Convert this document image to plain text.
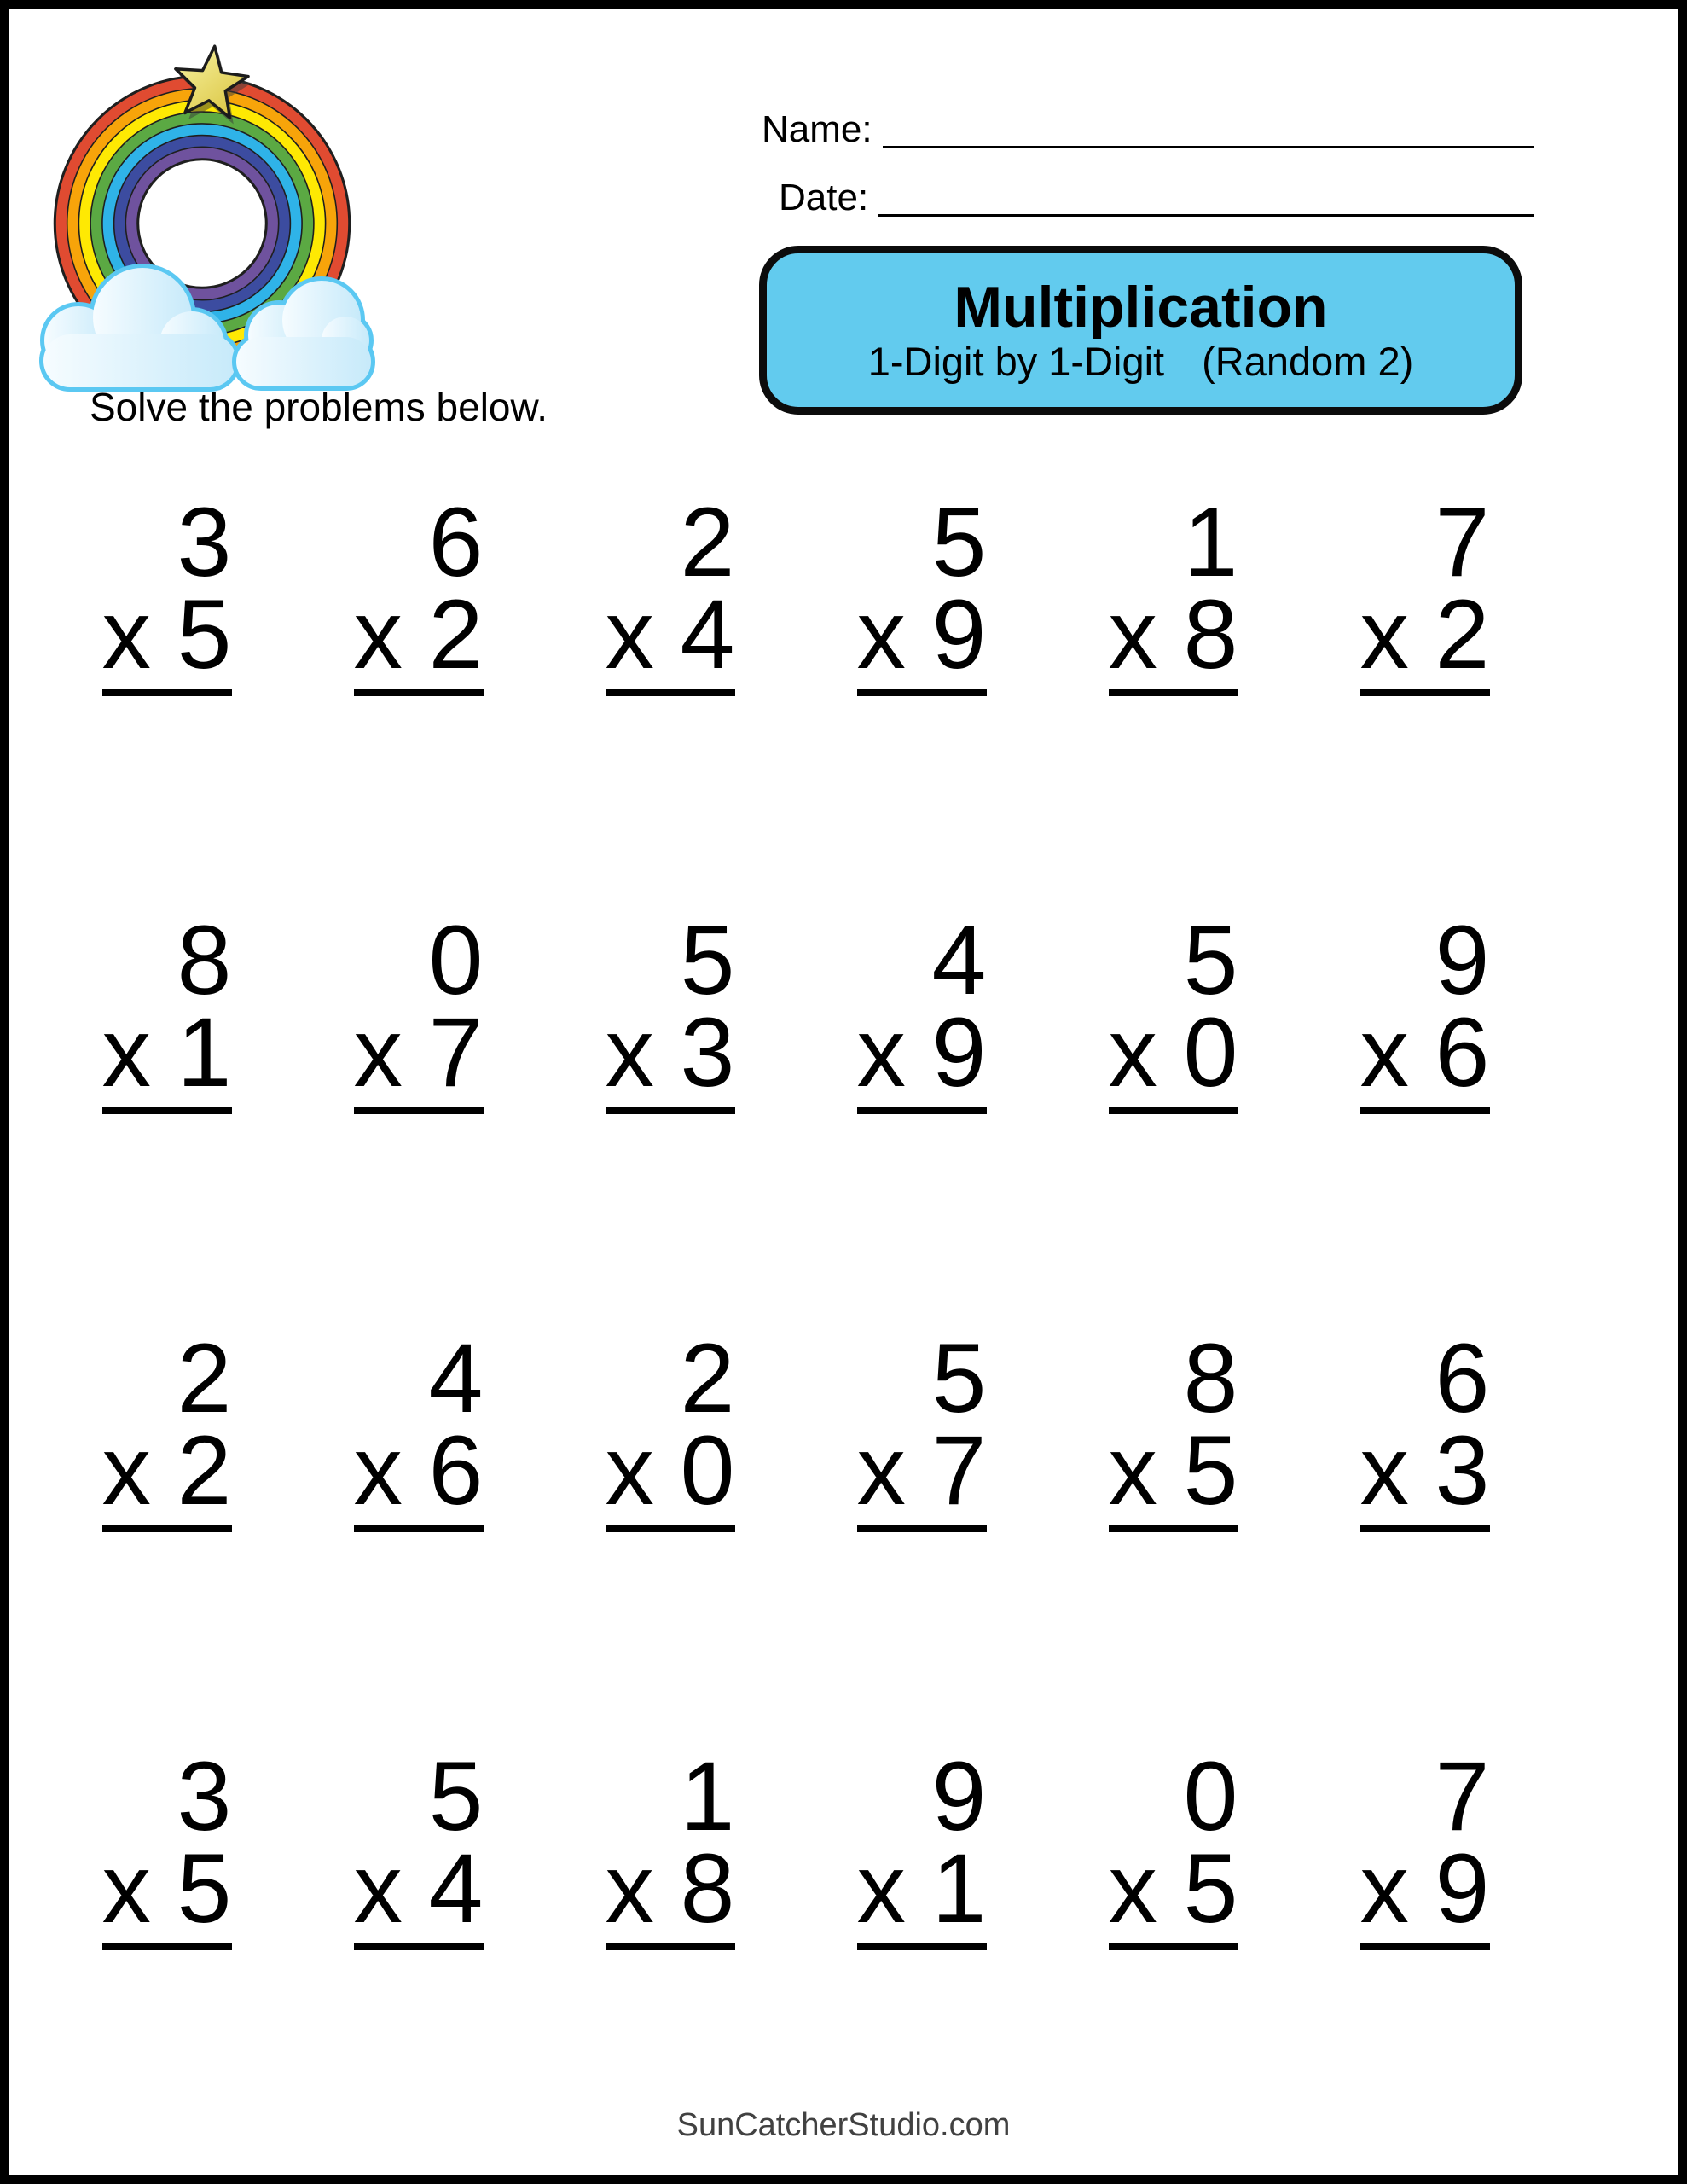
Name:
Date:
Multiplication
1-Digit by 1-Digit (Random 2)
Solve the problems below.
3
x 5
6
x 2
2
x 4
5
x 9
1
x 8
7
x 2
8
x 1
0
x 7
5
x 3
4
x 9
5
x 0
9
x 6
2
x 2
4
x 6
2
x 0
5
x 7
8
x 5
6
x 3
3
x 5
5
x 4
1
x 8
9
x 1
0
x 5
7
x 9
SunCatcherStudio.com
